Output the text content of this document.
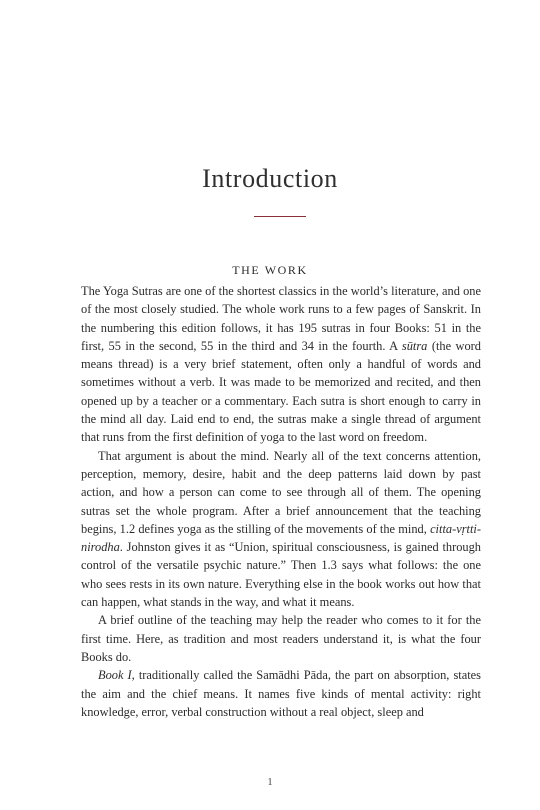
Introduction
THE WORK

The Yoga Sutras are one of the shortest classics in the world’s literature, and one of the most closely studied. The whole work runs to a few pages of Sanskrit. In the numbering this edition follows, it has 195 sutras in four Books: 51 in the first, 55 in the second, 55 in the third and 34 in the fourth. A sūtra (the word means thread) is a very brief statement, often only a handful of words and sometimes without a verb. It was made to be memorized and recited, and then opened up by a teacher or a commentary. Each sutra is short enough to carry in the mind all day. Laid end to end, the sutras make a single thread of argument that runs from the first definition of yoga to the last word on freedom.

That argument is about the mind. Nearly all of the text concerns attention, perception, memory, desire, habit and the deep patterns laid down by past action, and how a person can come to see through all of them. The opening sutras set the whole program. After a brief announcement that the teaching begins, 1.2 defines yoga as the stilling of the movements of the mind, citta-vṛtti-nirodha. Johnston gives it as “Union, spiritual consciousness, is gained through control of the versatile psychic nature.” Then 1.3 says what follows: the one who sees rests in its own nature. Everything else in the book works out how that can happen, what stands in the way, and what it means.

A brief outline of the teaching may help the reader who comes to it for the first time. Here, as tradition and most readers understand it, is what the four Books do.

Book I, traditionally called the Samādhi Pāda, the part on absorption, states the aim and the chief means. It names five kinds of mental activity: right knowledge, error, verbal construction without a real object, sleep and

1
